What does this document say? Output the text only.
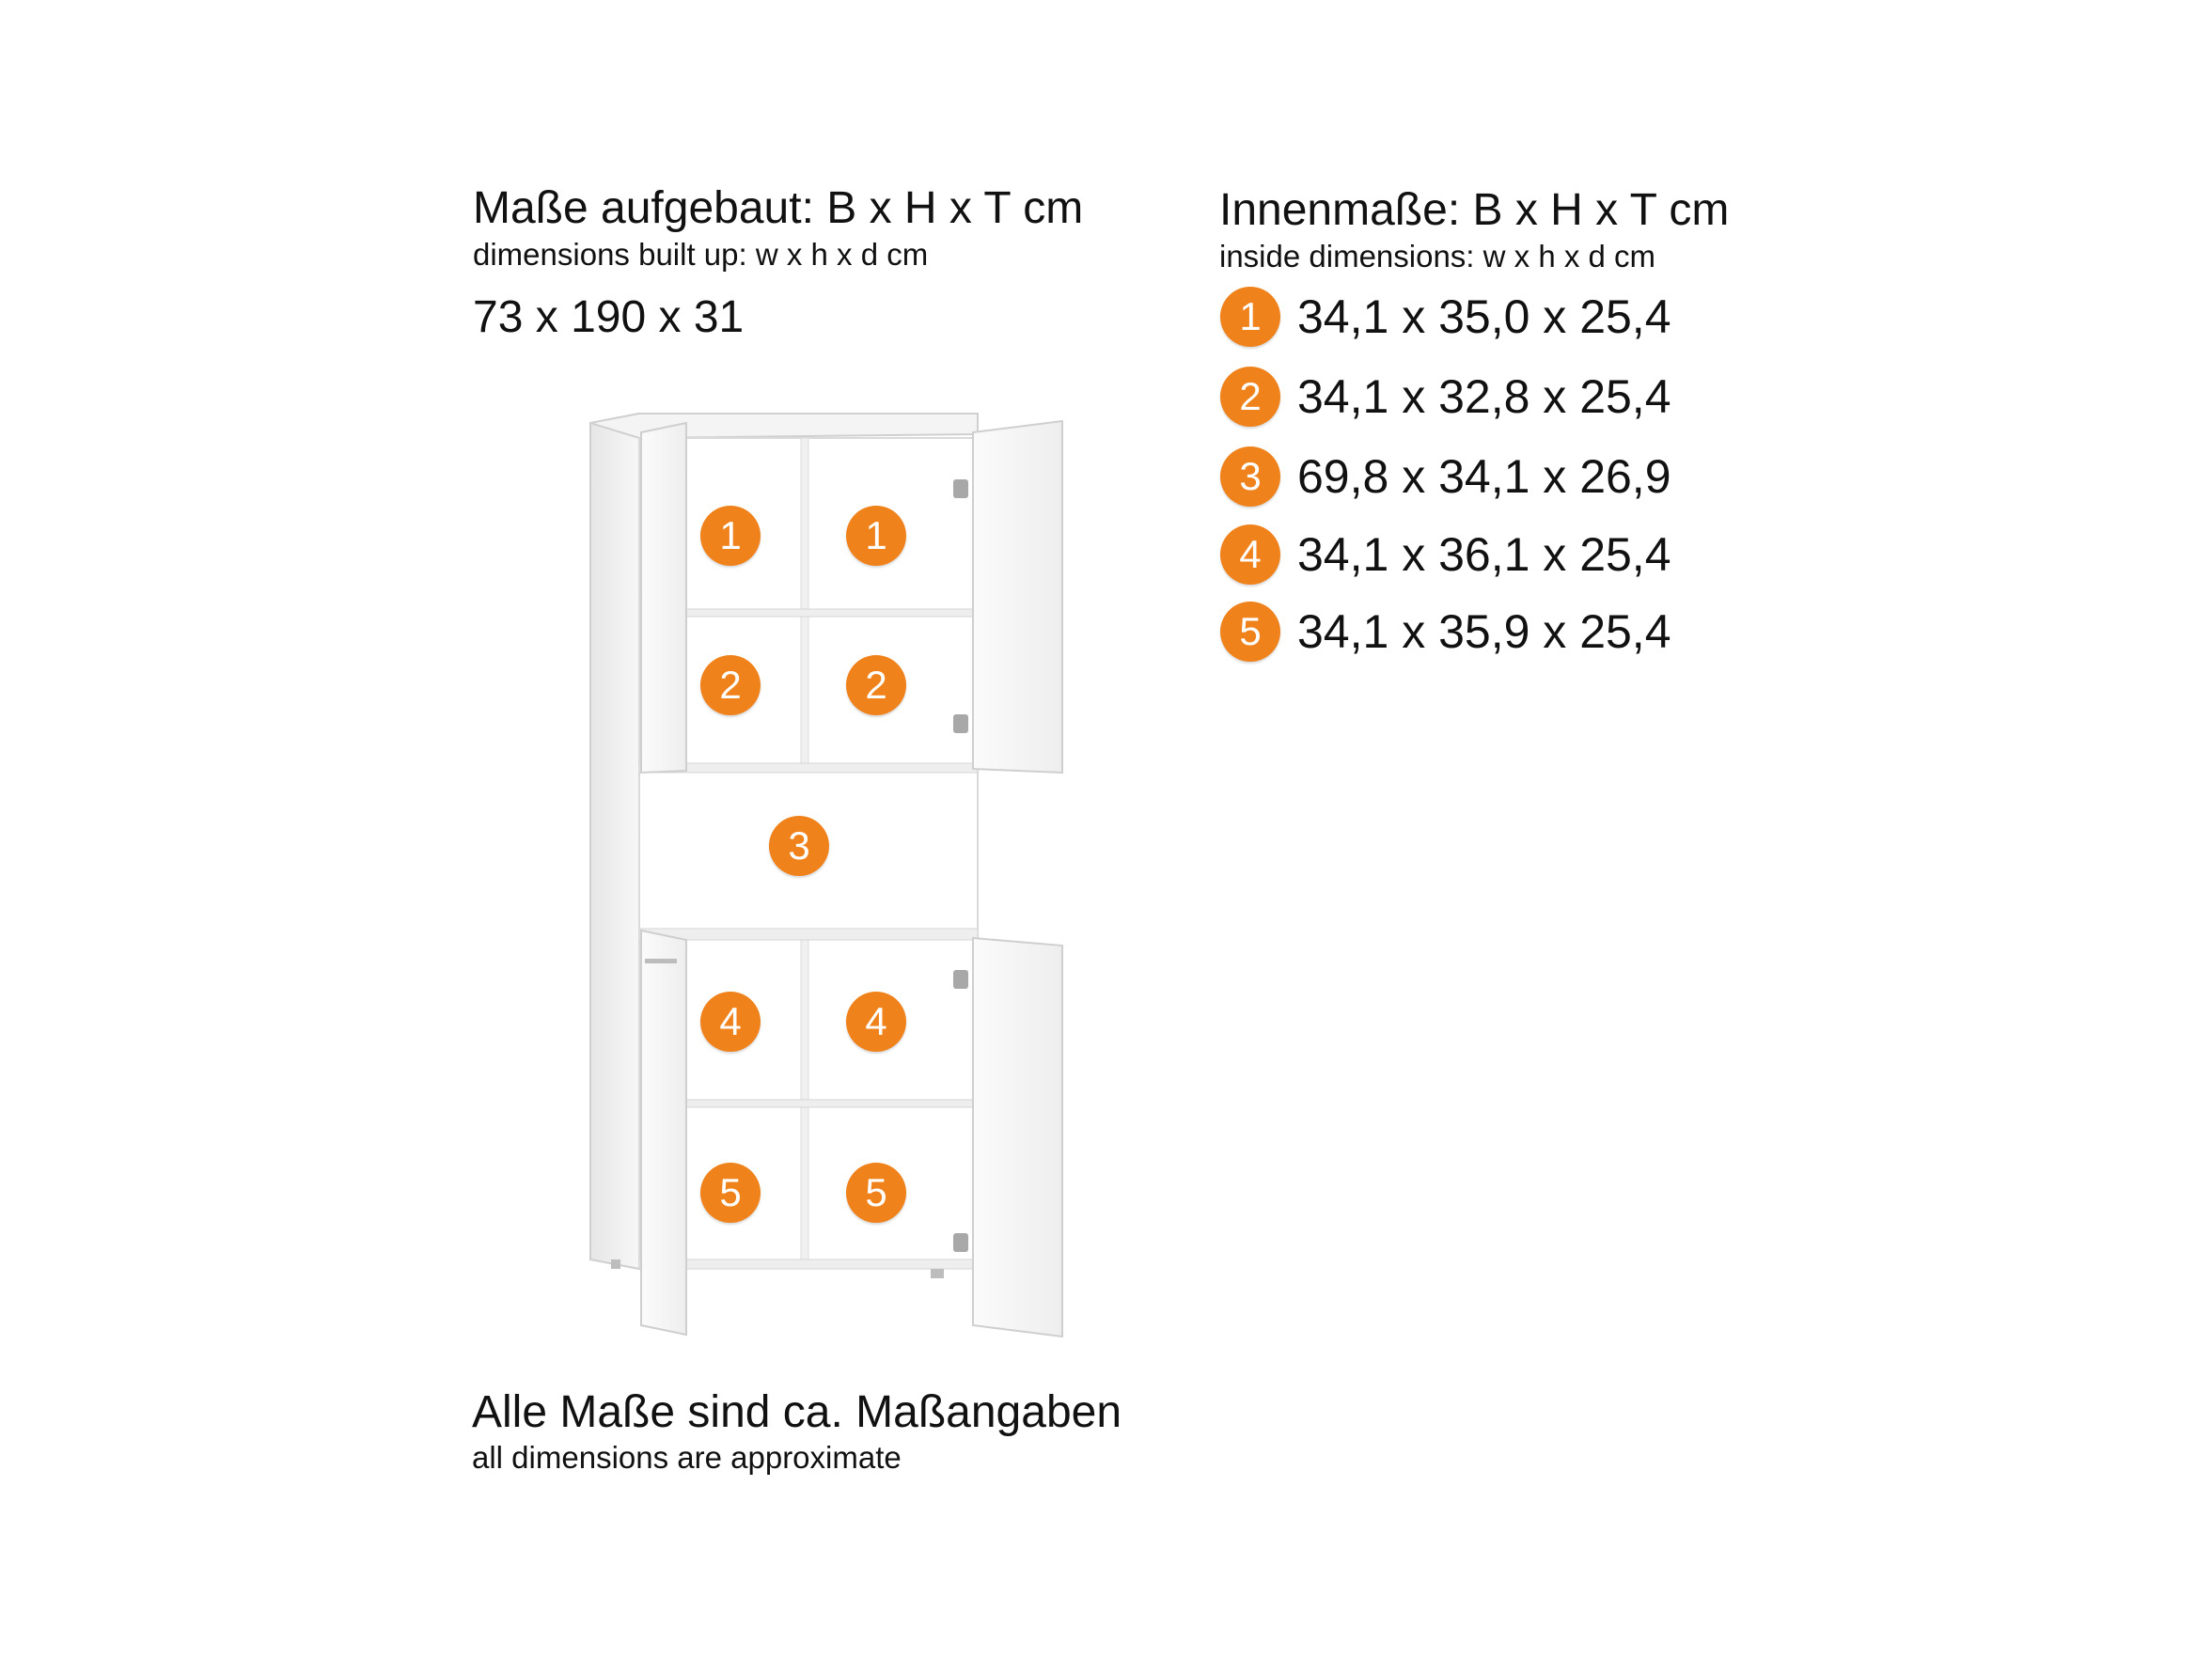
Maße aufgebaut: B x H x T cm
dimensions built up: w x h x d cm
73 x 190 x 31
Innenmaße: B x H x T cm
inside dimensions: w x h x d cm
1 34,1 x 35,0 x 25,4
2 34,1 x 32,8 x 25,4
3 69,8 x 34,1 x 26,9
4 34,1 x 36,1 x 25,4
5 34,1 x 35,9 x 25,4
1	1
2	2
3
4	4
5	5
Alle Maße sind ca. Maßangaben
all dimensions are approximate
